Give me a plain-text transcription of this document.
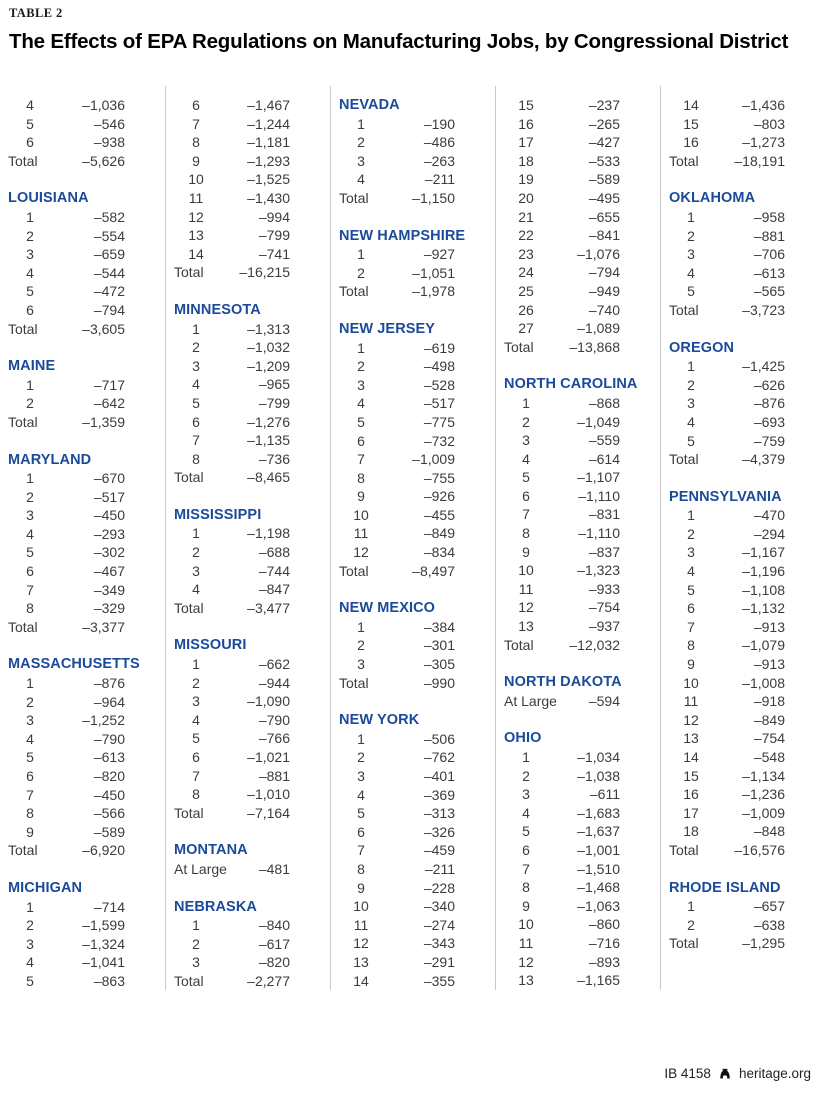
TABLE 2
The Effects of EPA Regulations on Manufacturing Jobs, by Congressional District
4	–1,036
5	–546
6	–938
Total	–5,626
LOUISIANA
1	–582
2	–554
3	–659
4	–544
5	–472
6	–794
Total	–3,605
MAINE
1	–717
2	–642
Total	–1,359
MARYLAND
1	–670
2	–517
3	–450
4	–293
5	–302
6	–467
7	–349
8	–329
Total	–3,377
MASSACHUSETTS
1	–876
2	–964
3	–1,252
4	–790
5	–613
6	–820
7	–450
8	–566
9	–589
Total	–6,920
MICHIGAN
1	–714
2	–1,599
3	–1,324
4	–1,041
5	–863
6	–1,467
7	–1,244
8	–1,181
9	–1,293
10	–1,525
11	–1,430
12	–994
13	–799
14	–741
Total	–16,215
MINNESOTA
1	–1,313
2	–1,032
3	–1,209
4	–965
5	–799
6	–1,276
7	–1,135
8	–736
Total	–8,465
MISSISSIPPI
1	–1,198
2	–688
3	–744
4	–847
Total	–3,477
MISSOURI
1	–662
2	–944
3	–1,090
4	–790
5	–766
6	–1,021
7	–881
8	–1,010
Total	–7,164
MONTANA
At Large	–481
NEBRASKA
1	–840
2	–617
3	–820
Total	–2,277
NEVADA
1	–190
2	–486
3	–263
4	–211
Total	–1,150
NEW HAMPSHIRE
1	–927
2	–1,051
Total	–1,978
NEW JERSEY
1	–619
2	–498
3	–528
4	–517
5	–775
6	–732
7	–1,009
8	–755
9	–926
10	–455
11	–849
12	–834
Total	–8,497
NEW MEXICO
1	–384
2	–301
3	–305
Total	–990
NEW YORK
1	–506
2	–762
3	–401
4	–369
5	–313
6	–326
7	–459
8	–211
9	–228
10	–340
11	–274
12	–343
13	–291
14	–355
15	–237
16	–265
17	–427
18	–533
19	–589
20	–495
21	–655
22	–841
23	–1,076
24	–794
25	–949
26	–740
27	–1,089
Total	–13,868
NORTH CAROLINA
1	–868
2	–1,049
3	–559
4	–614
5	–1,107
6	–1,110
7	–831
8	–1,110
9	–837
10	–1,323
11	–933
12	–754
13	–937
Total	–12,032
NORTH DAKOTA
At Large	–594
OHIO
1	–1,034
2	–1,038
3	–611
4	–1,683
5	–1,637
6	–1,001
7	–1,510
8	–1,468
9	–1,063
10	–860
11	–716
12	–893
13	–1,165
14	–1,436
15	–803
16	–1,273
Total	–18,191
OKLAHOMA
1	–958
2	–881
3	–706
4	–613
5	–565
Total	–3,723
OREGON
1	–1,425
2	–626
3	–876
4	–693
5	–759
Total	–4,379
PENNSYLVANIA
1	–470
2	–294
3	–1,167
4	–1,196
5	–1,108
6	–1,132
7	–913
8	–1,079
9	–913
10	–1,008
11	–918
12	–849
13	–754
14	–548
15	–1,134
16	–1,236
17	–1,009
18	–848
Total	–16,576
RHODE ISLAND
1	–657
2	–638
Total	–1,295
IB 4158 heritage.org
